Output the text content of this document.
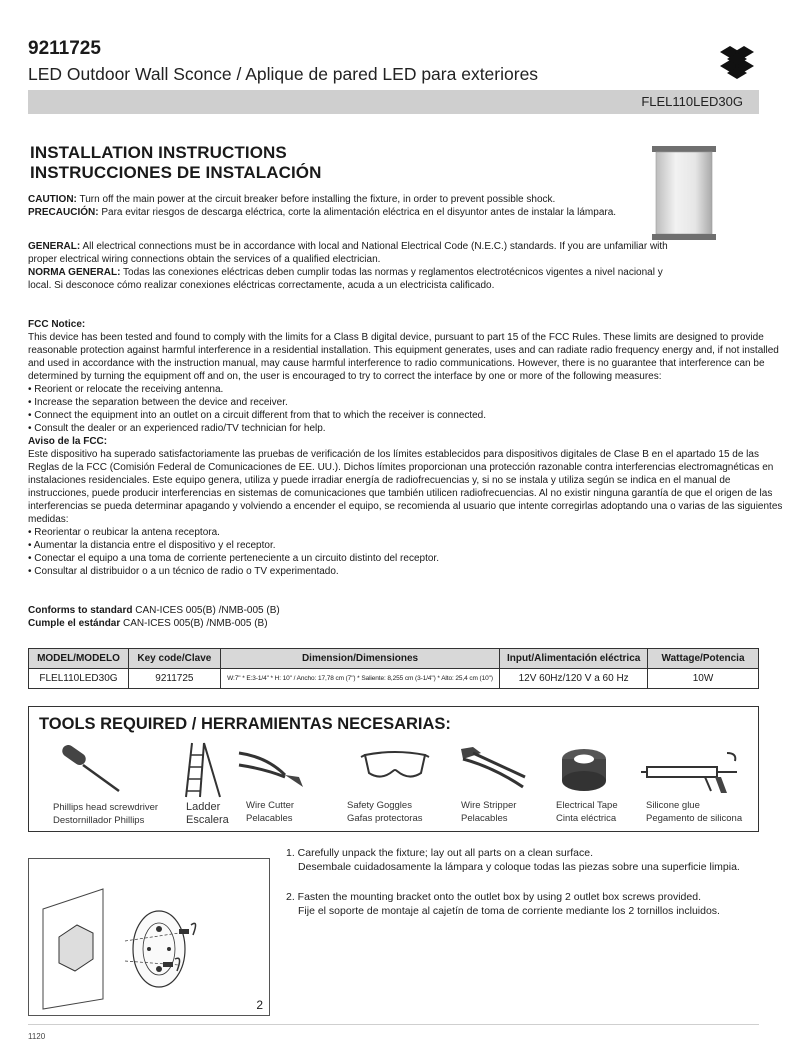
9211725
LED Outdoor Wall Sconce / Aplique de pared LED para exteriores
FLEL110LED30G
INSTALLATION INSTRUCTIONS
INSTRUCCIONES DE INSTALACIÓN
CAUTION: Turn off the main power at the circuit breaker before installing the fixture, in order to prevent possible shock.
PRECAUCIÓN: Para evitar riesgos de descarga eléctrica, corte la alimentación eléctrica en el disyuntor antes de instalar la lámpara.
GENERAL: All electrical connections must be in accordance with local and National Electrical Code (N.E.C.) standards. If you are unfamiliar with proper electrical wiring connections obtain the services of a qualified electrician.
NORMA GENERAL: Todas las conexiones eléctricas deben cumplir todas las normas y reglamentos electrotécnicos vigentes a nivel nacional y local. Si desconoce cómo realizar conexiones eléctricas correctamente, acuda a un electricista calificado.

FCC Notice:

This device has been tested and found to comply with the limits for a Class B digital device, pursuant to part 15 of the FCC Rules. These limits are designed to provide reasonable protection against harmful interference in a residential installation. This equipment generates, uses and can radiate radio frequency energy and, if not installed and used in accordance with the instruction manual, may cause harmful interference to radio communications. However, there is no guarantee that interference can be determined by turning the equipment off and on, the user is encouraged to try to correct the interface by one or more of the following measures:

• Reorient or relocate the receiving antenna.
• Increase the separation between the device and receiver.
• Connect the equipment into an outlet on a circuit different from that to which the receiver is connected.
• Consult the dealer or an experienced radio/TV technician for help.

Aviso de la FCC:

Este dispositivo ha superado satisfactoriamente las pruebas de verificación de los límites establecidos para dispositivos digitales de Clase B en el apartado 15 de las Reglas de la FCC (Comisión Federal de Comunicaciones de EE. UU.). Dichos límites proporcionan una protección razonable contra interferencias electromagnéticas en instalaciones residenciales. Este equipo genera, utiliza y puede irradiar energía de radiofrecuencias y, si no se instala y utiliza según se indica en el manual de instrucciones, puede producir interferencias en sistemas de comunicaciones que también utilicen radiofrecuencias. Al no existir ninguna garantía de que el origen de las interferencias se pueda determinar apagando y volviendo a encender el equipo, se recomienda al usuario que intente corregirlas adoptando una o varias de las siguientes medidas:

• Reorientar o reubicar la antena receptora.
• Aumentar la distancia entre el dispositivo y el receptor.
• Conectar el equipo a una toma de corriente perteneciente a un circuito distinto del receptor.
• Consultar al distribuidor o a un técnico de radio o TV experimentado.
Conforms to standard CAN-ICES 005(B) /NMB-005 (B)
Cumple el estándar CAN-ICES 005(B) /NMB-005 (B)
MODEL/MODELO	Key code/Clave	Dimension/Dimensiones	Input/Alimentación eléctrica	Wattage/Potencia
FLEL110LED30G	9211725	W:7" * E:3-1/4" * H: 10" / Ancho: 17,78 cm (7") * Saliente: 8,255 cm (3-1/4") * Alto: 25,4 cm (10")	12V 60Hz/120 V a 60 Hz	10W
TOOLS REQUIRED / HERRAMIENTAS NECESARIAS:
Phillips head screwdriver
Destornillador Phillips
Ladder
Escalera
Wire Cutter
Pelacables
Safety Goggles
Gafas protectoras
Wire Stripper
Pelacables
Electrical Tape
Cinta eléctrica
Silicone glue
Pegamento de silicona
1. Carefully unpack the fixture; lay out all parts on a clean surface.
Desembale cuidadosamente la lámpara y coloque todas las piezas sobre una superficie limpia.
2. Fasten the mounting bracket onto the outlet box by using 2 outlet box screws provided.
Fije el soporte de montaje al cajetín de toma de corriente mediante los 2 tornillos incluidos.
2
1120
